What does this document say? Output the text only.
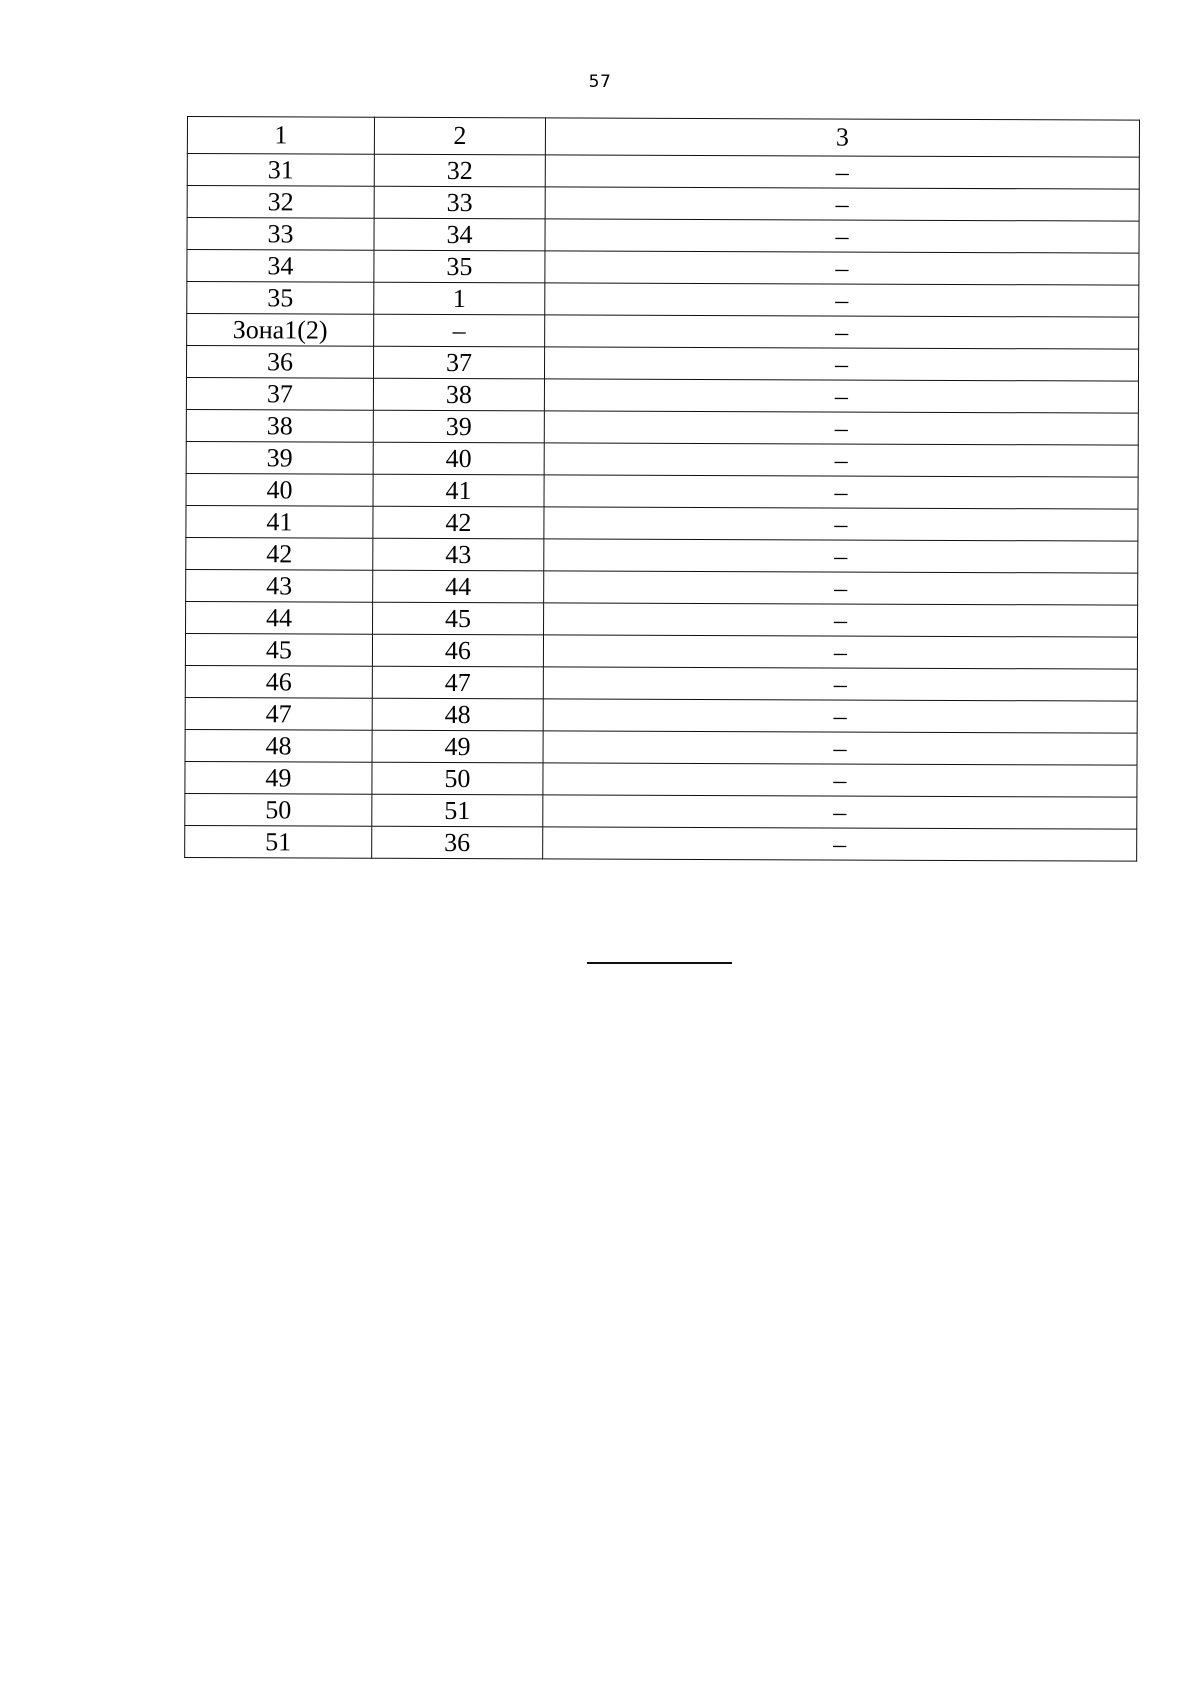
57
1	2	3
31	32	–
32	33	–
33	34	–
34	35	–
35	1	–
Зона1(2)	–	–
36	37	–
37	38	–
38	39	–
39	40	–
40	41	–
41	42	–
42	43	–
43	44	–
44	45	–
45	46	–
46	47	–
47	48	–
48	49	–
49	50	–
50	51	–
51	36	–
